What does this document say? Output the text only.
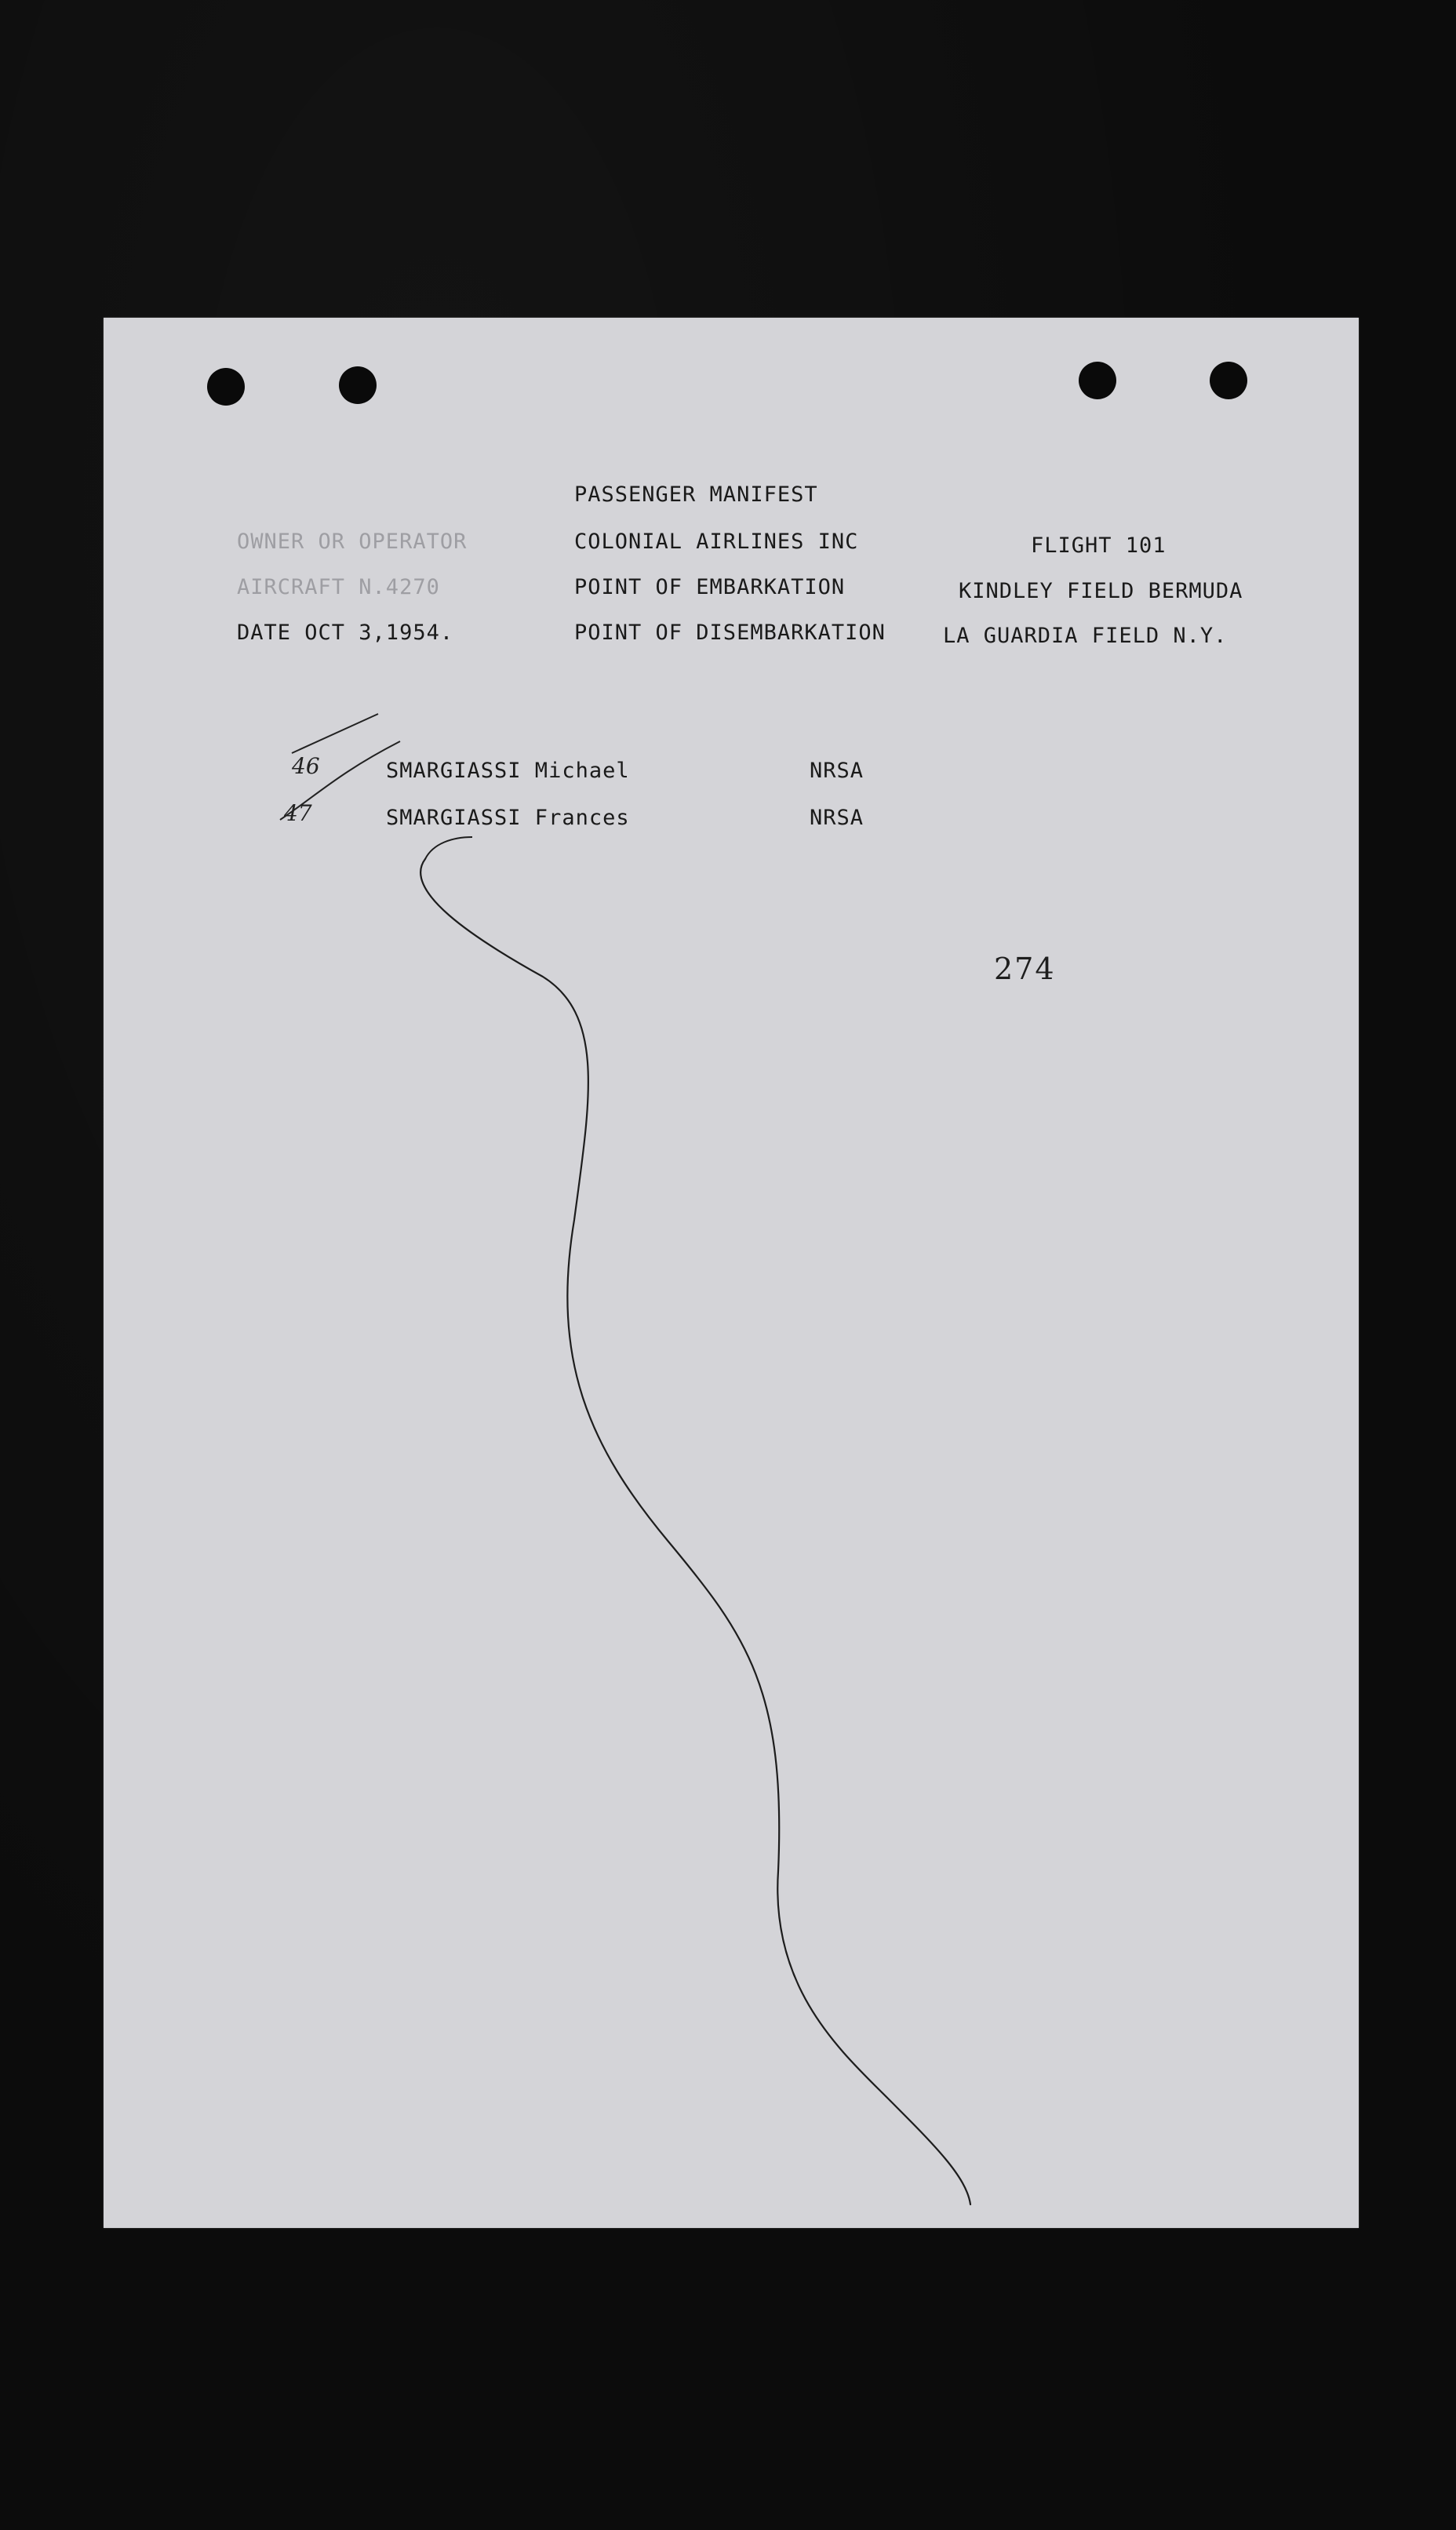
PASSENGER MANIFEST
OWNER OR OPERATOR	COLONIAL AIRLINES INC	FLIGHT 101
AIRCRAFT N.4270	POINT OF EMBARKATION	KINDLEY FIELD BERMUDA
DATE OCT 3,1954.	POINT OF DISEMBARKATION	LA GUARDIA FIELD N.Y.
46	SMARGIASSI Michael	NRSA
47	SMARGIASSI Frances	NRSA
274
